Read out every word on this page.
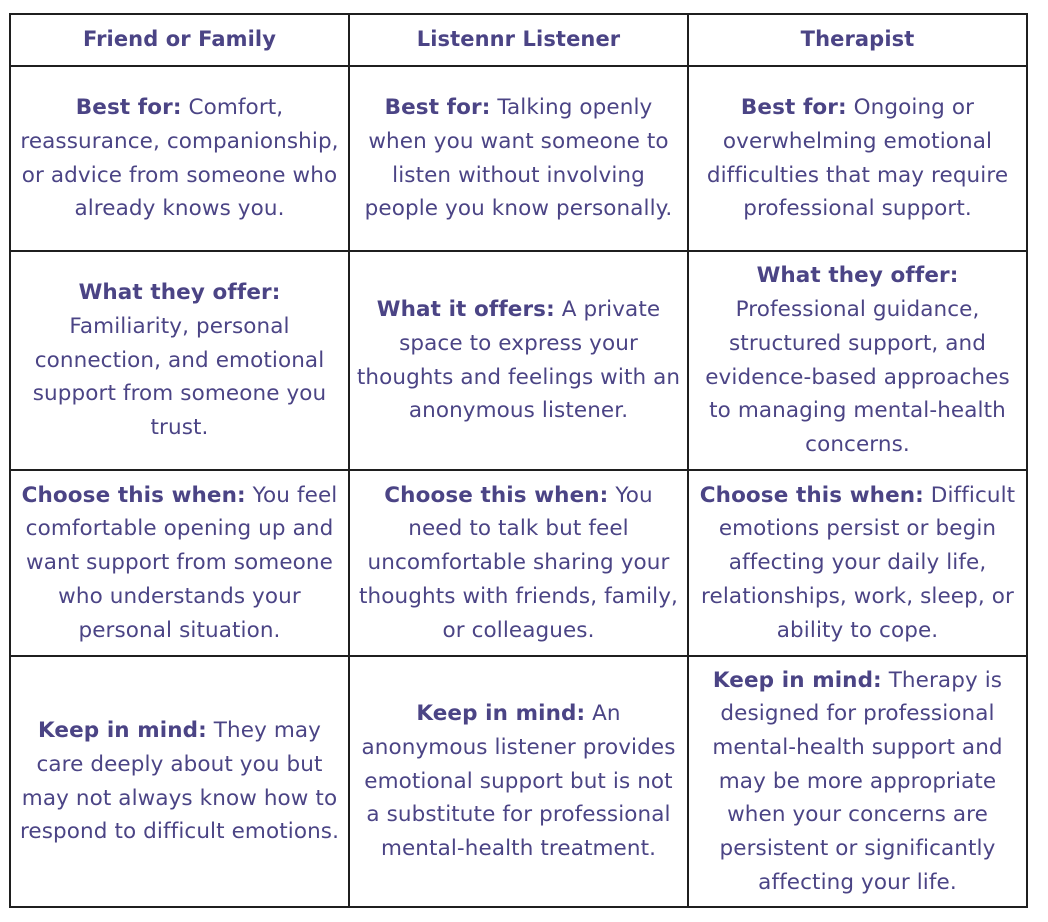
Friend or Family	Listennr Listener	Therapist
Best for: Comfort, reassurance, companionship, or advice from someone who already knows you.	Best for: Talking openly when you want someone to listen without involving people you know personally.	Best for: Ongoing or overwhelming emotional difficulties that may require professional support.
What they offer: Familiarity, personal connection, and emotional support from someone you trust.	What it offers: A private space to express your thoughts and feelings with an anonymous listener.	What they offer: Professional guidance, structured support, and evidence-based approaches to managing mental-health concerns.
Choose this when: You feel comfortable opening up and want support from someone who understands your personal situation.	Choose this when: You need to talk but feel uncomfortable sharing your thoughts with friends, family, or colleagues.	Choose this when: Difficult emotions persist or begin affecting your daily life, relationships, work, sleep, or ability to cope.
Keep in mind: They may care deeply about you but may not always know how to respond to difficult emotions.	Keep in mind: An anonymous listener provides emotional support but is not a substitute for professional mental-health treatment.	Keep in mind: Therapy is designed for professional mental-health support and may be more appropriate when your concerns are persistent or significantly affecting your life.
